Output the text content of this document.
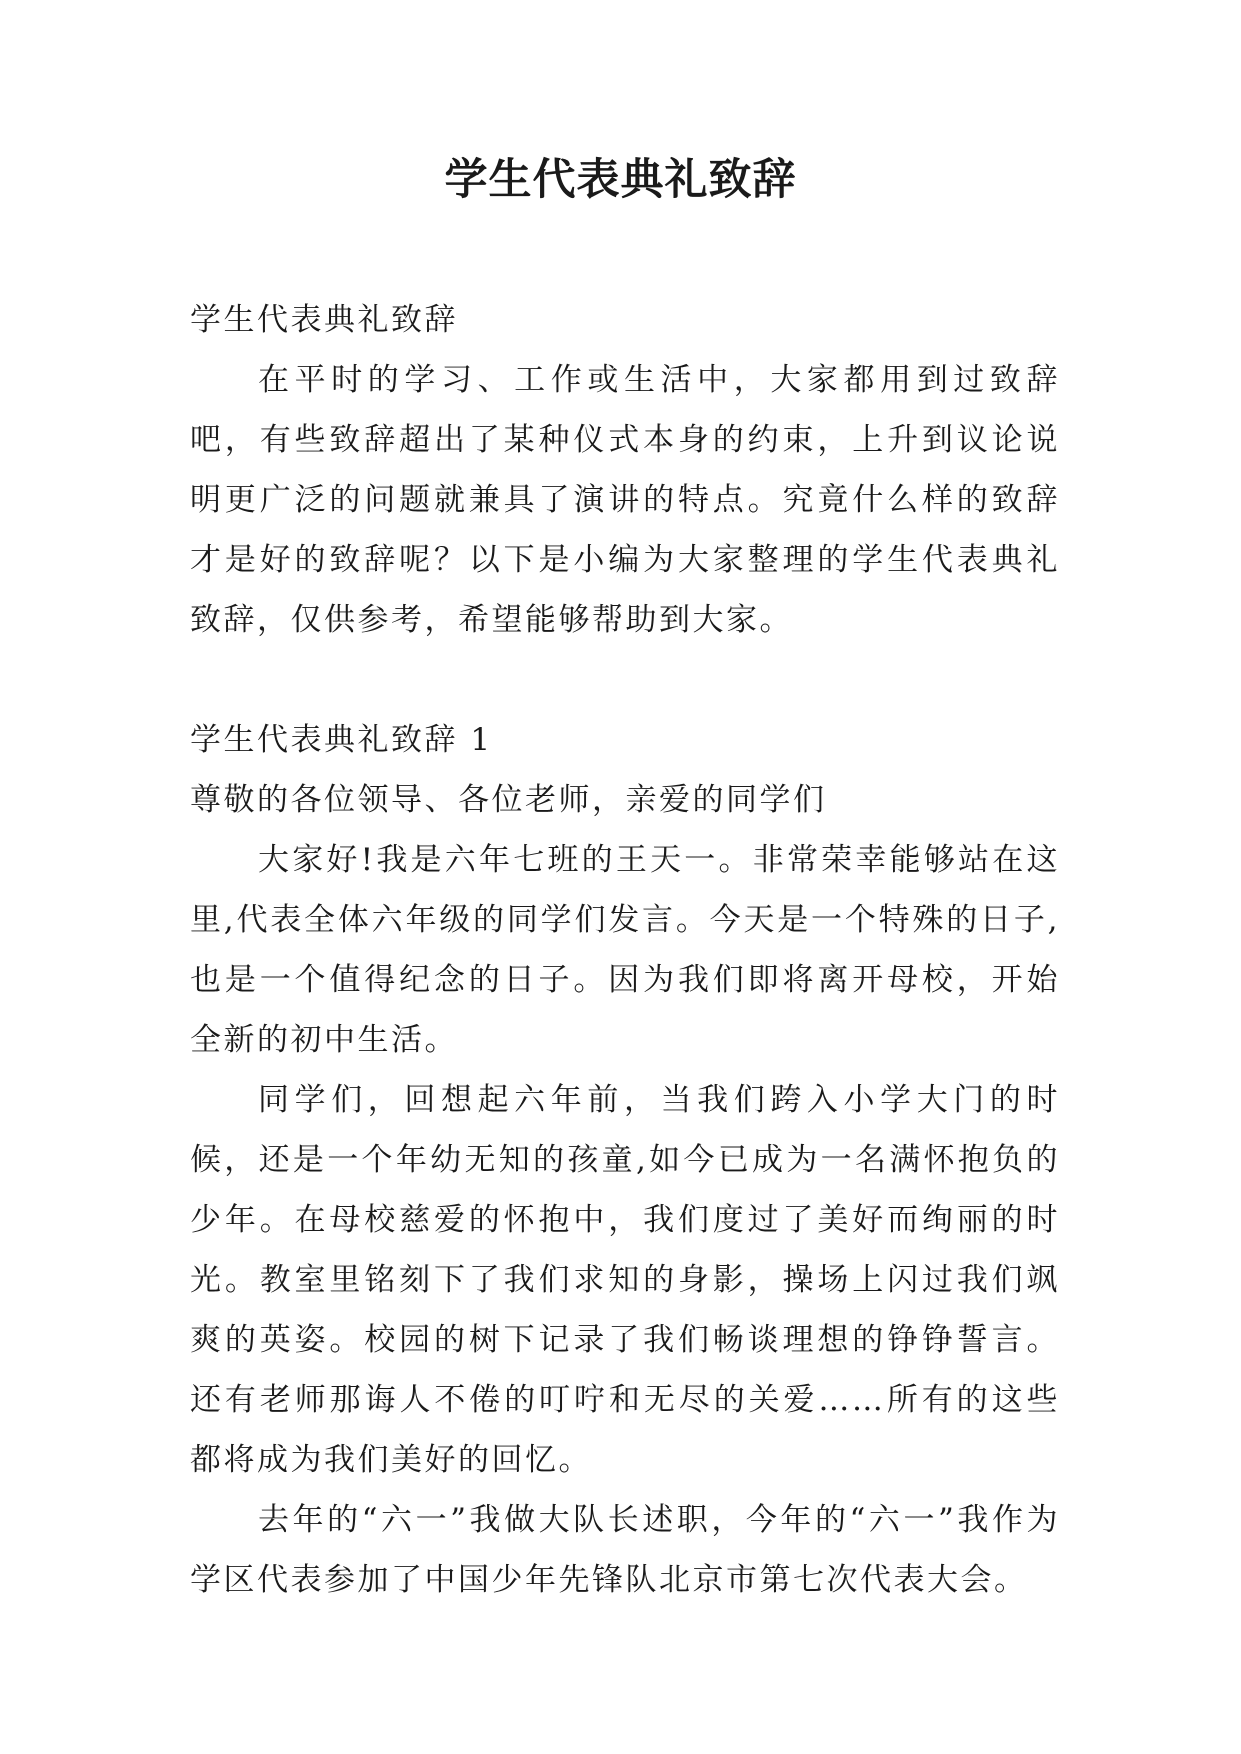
学生代表典礼致辞

学生代表典礼致辞

在平时的学习、工作或生活中，大家都用到过致辞吧，有些致辞超出了某种仪式本身的约束，上升到议论说明更广泛的问题就兼具了演讲的特点。究竟什么样的致辞才是好的致辞呢？以下是小编为大家整理的学生代表典礼致辞，仅供参考，希望能够帮助到大家。

学生代表典礼致辞 1

尊敬的各位领导、各位老师，亲爱的同学们

大家好!我是六年七班的王天一。非常荣幸能够站在这里,代表全体六年级的同学们发言。今天是一个特殊的日子,也是一个值得纪念的日子。因为我们即将离开母校，开始全新的初中生活。

同学们，回想起六年前，当我们跨入小学大门的时候，还是一个年幼无知的孩童,如今已成为一名满怀抱负的少年。在母校慈爱的怀抱中，我们度过了美好而绚丽的时光。教室里铭刻下了我们求知的身影，操场上闪过我们飒爽的英姿。校园的树下记录了我们畅谈理想的铮铮誓言。还有老师那诲人不倦的叮咛和无尽的关爱……所有的这些都将成为我们美好的回忆。

去年的“六一”我做大队长述职，今年的“六一”我作为学区代表参加了中国少年先锋队北京市第七次代表大会。
